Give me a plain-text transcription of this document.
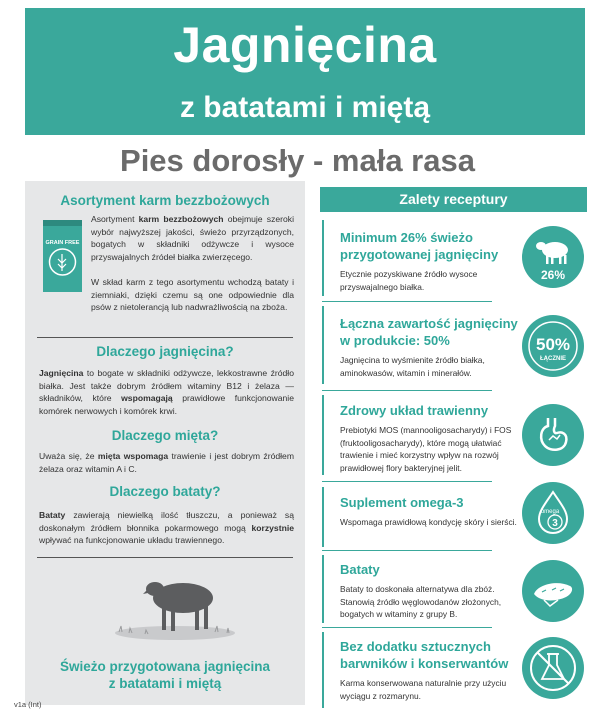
Jagnięcina
z batatami i miętą
Pies dorosły - mała rasa
Asortyment karm bezzbożowych
GRAIN FREE
Asortyment karm bezzbożowych obejmuje szeroki wybór najwyższej jakości, świeżo przyrządzonych, bogatych w składniki odżywcze i wysoce przyswajalnych źródeł białka zwierzęcego.
W skład karm z tego asortymentu wchodzą bataty i ziemniaki, dzięki czemu są one odpowiednie dla psów z nietolerancją lub nadwrażliwością na zboża.
Dlaczego jagnięcina?
Jagnięcina to bogate w składniki odżywcze, lekkostrawne źródło białka. Jest także dobrym źródłem witaminy B12 i żelaza — składników, które wspomagają prawidłowe funkcjonowanie komórek nerwowych i komórek krwi.
Dlaczego mięta?
Uważa się, że mięta wspomaga trawienie i jest dobrym źródłem żelaza oraz witamin A i C.
Dlaczego bataty?
Bataty zawierają niewielką ilość tłuszczu, a ponieważ są doskonałym źródłem błonnika pokarmowego mogą korzystnie wpływać na funkcjonowanie układu trawiennego.
Świeżo przygotowana jagnięcina
z batatami i miętą
v1a (Int)
Zalety receptury
Minimum 26% świeżo przygotowanej jagnięciny
Etycznie pozyskiwane źródło wysoce przyswajalnego białka.
26%
Łączna zawartość jagnięciny w produkcie: 50%
Jagnięcina to wyśmienite źródło białka, aminokwasów, witamin i minerałów.
50%
ŁĄCZNIE
Zdrowy układ trawienny
Prebiotyki MOS (mannooligosacharydy) i FOS (fruktooligosacharydy), które mogą ułatwiać trawienie i mieć korzystny wpływ na rozwój prawidłowej flory bakteryjnej jelit.
Suplement omega-3
Wspomaga prawidłową kondycję skóry i sierści.
omega
3
Bataty
Bataty to doskonała alternatywa dla zbóż. Stanowią źródło węglowodanów złożonych, bogatych w witaminy z grupy B.
Bez dodatku sztucznych barwników i konserwantów
Karma konserwowana naturalnie przy użyciu wyciągu z rozmarynu.
